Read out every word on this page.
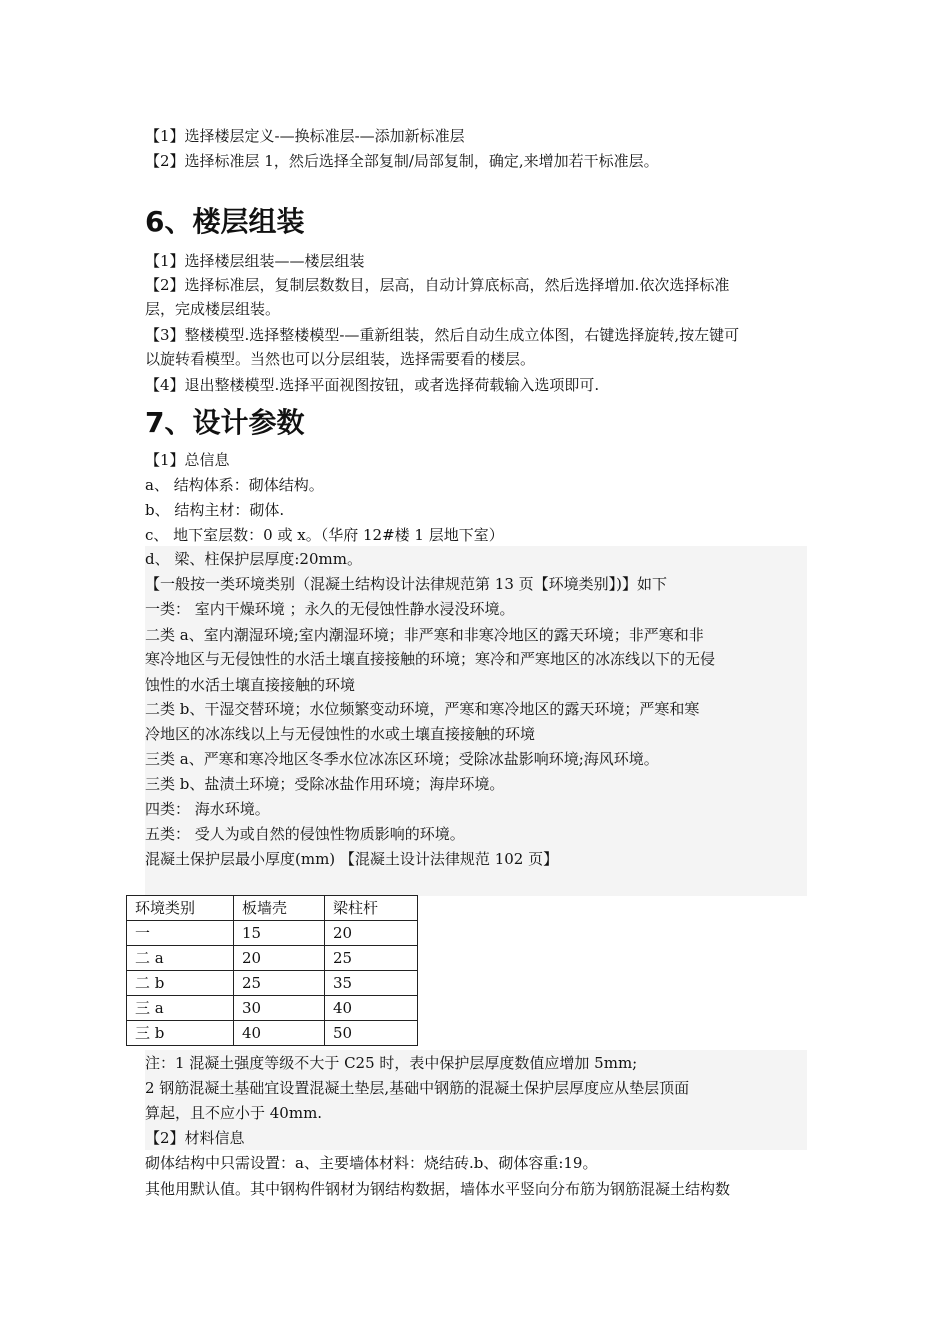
【1】选择楼层定义-—换标准层-—添加新标准层
【2】选择标准层 1，然后选择全部复制/局部复制，确定,来增加若干标准层。
6、楼层组装
【1】选择楼层组装——楼层组装
【2】选择标准层，复制层数数目，层高，自动计算底标高，然后选择增加.依次选择标准
层，完成楼层组装。
【3】整楼模型.选择整楼模型-—重新组装，然后自动生成立体图，右键选择旋转,按左键可
以旋转看模型。当然也可以分层组装，选择需要看的楼层。
【4】退出整楼模型.选择平面视图按钮，或者选择荷载输入选项即可.
7、设计参数
【1】总信息
a、 结构体系：砌体结构。
b、 结构主材：砌体.
c、 地下室层数：0 或 x。（华府 12#楼 1 层地下室）
d、 梁、柱保护层厚度:20mm。
【一般按一类环境类别（混凝土结构设计法律规范第 13 页【环境类别】)】如下
一类： 室内干燥环境 ；永久的无侵蚀性静水浸没环境。
二类 a、室内潮湿环境;室内潮湿环境；非严寒和非寒冷地区的露天环境；非严寒和非
寒冷地区与无侵蚀性的水活土壤直接接触的环境；寒冷和严寒地区的冰冻线以下的无侵
蚀性的水活土壤直接接触的环境
二类 b、干湿交替环境；水位频繁变动环境，严寒和寒冷地区的露天环境；严寒和寒
冷地区的冰冻线以上与无侵蚀性的水或土壤直接接触的环境
三类 a、严寒和寒冷地区冬季水位冰冻区环境；受除冰盐影响环境;海风环境。
三类 b、盐渍土环境；受除冰盐作用环境；海岸环境。
四类： 海水环境。
五类： 受人为或自然的侵蚀性物质影响的环境。
混凝土保护层最小厚度(mm) 【混凝土设计法律规范 102 页】
环境类别	板墙壳	梁柱杆
一	15	20
二 a	20	25
二 b	25	35
三 a	30	40
三 b	40	50
注：1 混凝土强度等级不大于 C25 时，表中保护层厚度数值应增加 5mm;
2 钢筋混凝土基础宜设置混凝土垫层,基础中钢筋的混凝土保护层厚度应从垫层顶面
算起，且不应小于 40mm.
【2】材料信息
砌体结构中只需设置：a、主要墙体材料：烧结砖.b、砌体容重:19。
其他用默认值。其中钢构件钢材为钢结构数据，墙体水平竖向分布筋为钢筋混凝土结构数
